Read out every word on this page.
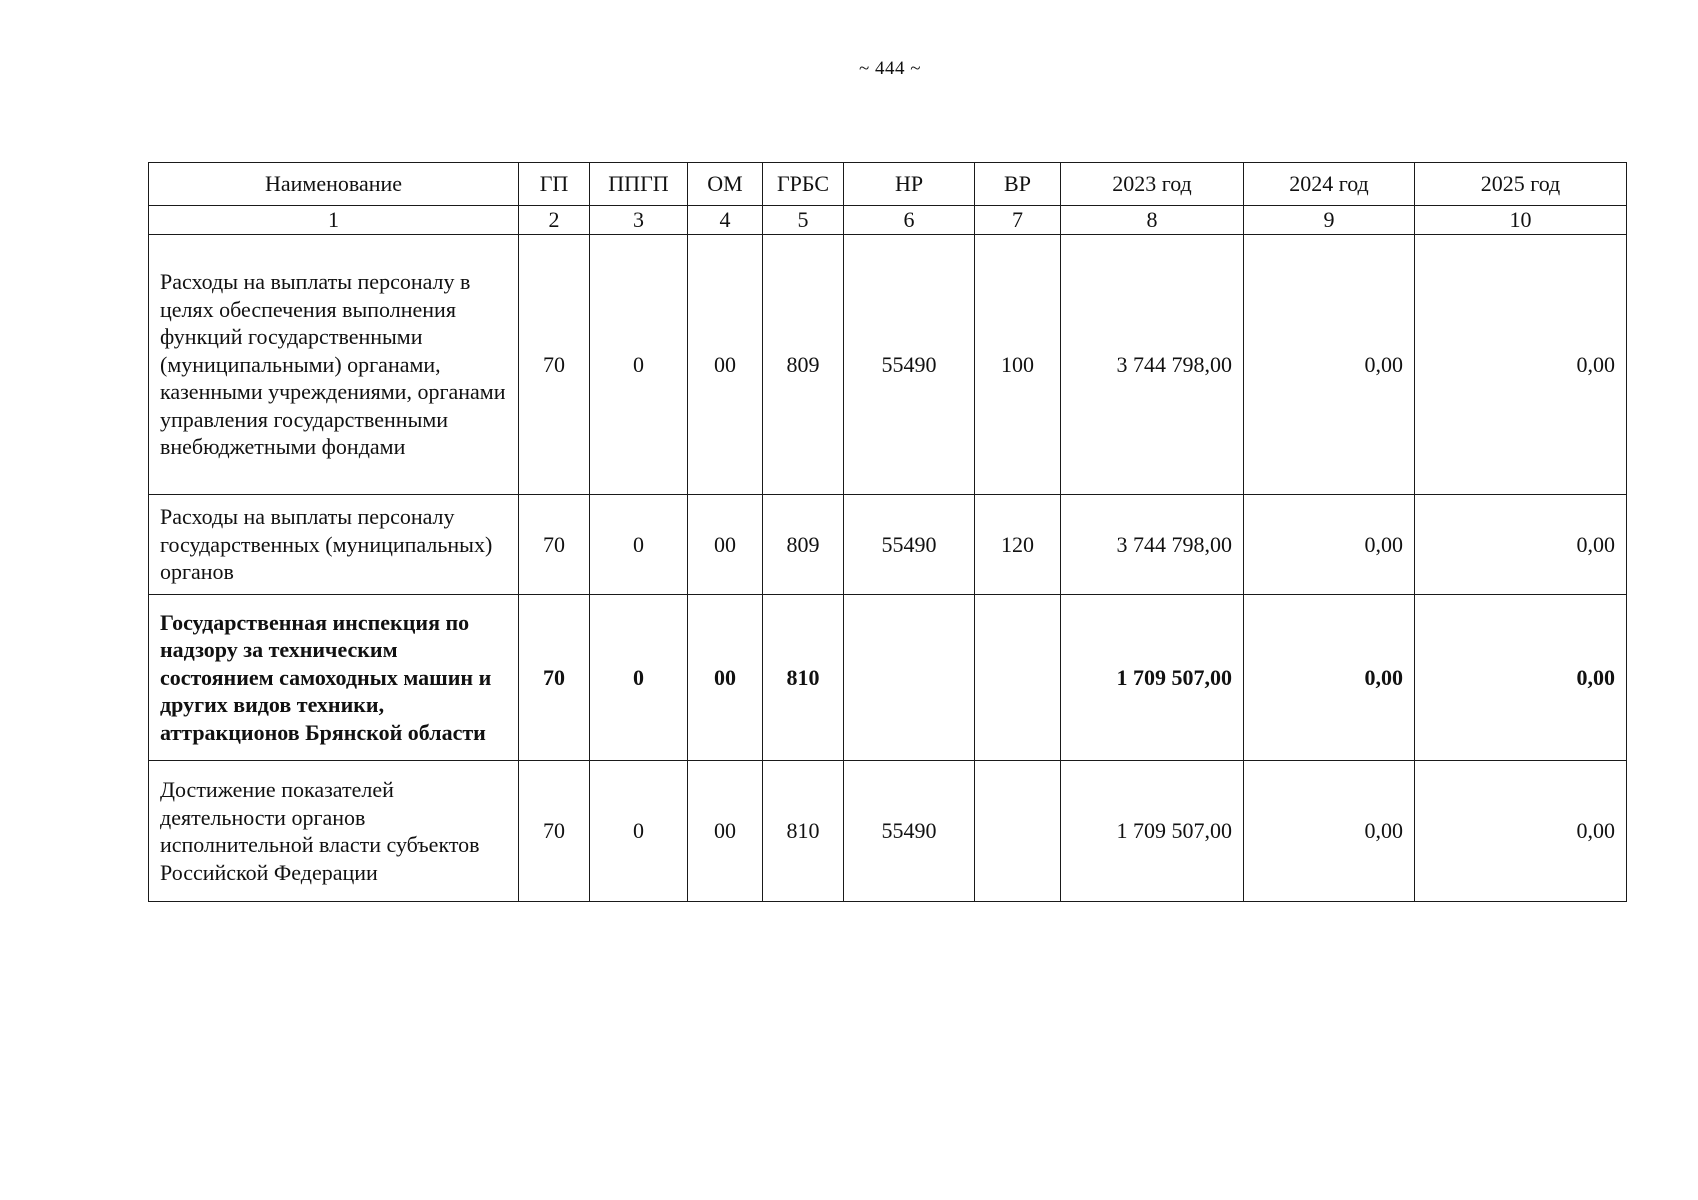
~ 444 ~
Наименование	ГП	ППГП	ОМ	ГРБС	НР	ВР	2023 год	2024 год	2025 год
1	2	3	4	5	6	7	8	9	10
Расходы на выплаты персоналу в целях обеспечения выполнения функций государственными (муниципальными) органами, казенными учреждениями, органами управления государственными внебюджетными фондами	70	0	00	809	55490	100	3 744 798,00	0,00	0,00
Расходы на выплаты персоналу государственных (муниципальных) органов	70	0	00	809	55490	120	3 744 798,00	0,00	0,00
Государственная инспекция по надзору за техническим состоянием самоходных машин и других видов техники, аттракционов Брянской области	70	0	00	810			1 709 507,00	0,00	0,00
Достижение показателей деятельности органов исполнительной власти субъектов Российской Федерации	70	0	00	810	55490		1 709 507,00	0,00	0,00
